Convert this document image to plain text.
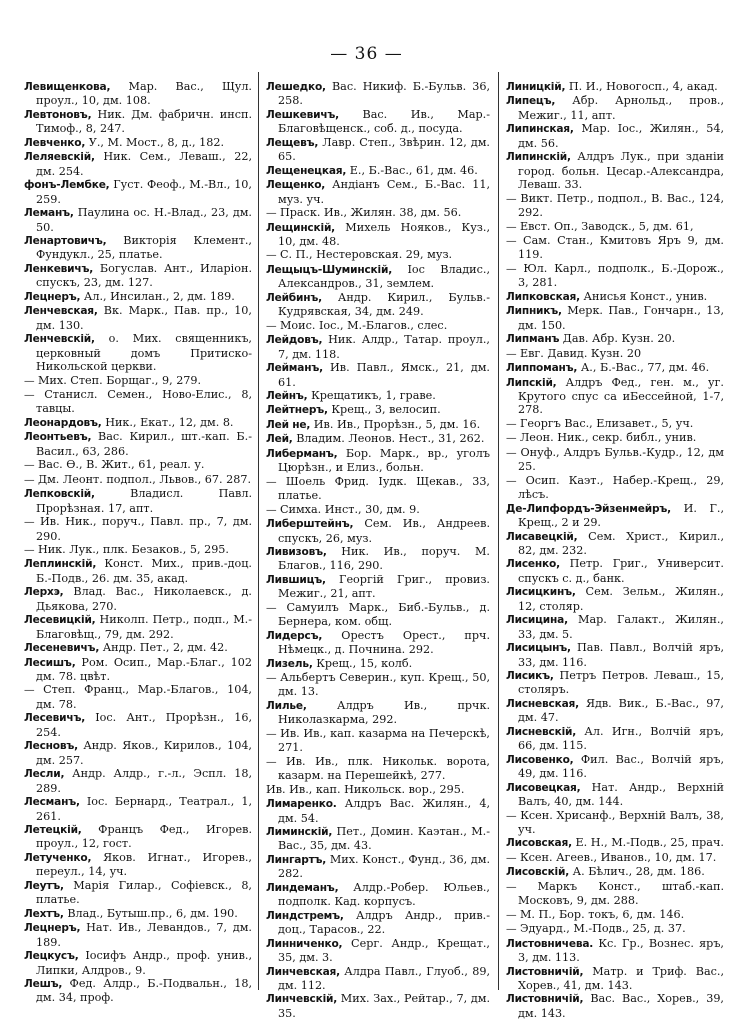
— 36 —
Левищенкова, Мар. Вас., Щул. проул., 10, дм. 108.
Левтоновъ, Ник. Дм. фабричн. инсп. Тимоф., 8, 247.
Левченко, У., М. Мост., 8, д., 182.
Леляевскій, Ник. Сем., Леваш., 22, дм. 254.
фонъ-Лембке, Густ. Феоф., М.-Вл., 10, 259.
Леманъ, Паулина ос. Н.-Влад., 23, дм. 50.
Ленартовичъ, Викторія Клемент., Фундукл., 25, платье.
Ленкевичъ, Богуслав. Ант., Иларіон. спускъ, 23, дм. 127.
Лецнеръ, Ал., Инсилан., 2, дм. 189.
Ленчевская, Вк. Марк., Пав. пр., 10, дм. 130.
Ленчевскій, о. Мих. священникъ, церковный домъ Притиско-Никольской церкви.
— Мих. Степ. Борщаг., 9, 279.
— Станисл. Семен., Ново-Елис., 8, тавцы.
Леонардовъ, Ник., Екат., 12, дм. 8.
Леонтьевъ, Вас. Кирил., шт.-кап. Б.-Васил., 63, 286.
— Вас. Ѳ., В. Жит., 61, реал. у.
— Дм. Леонт. подпол., Львов., 67. 287.
Лепковскій,	Владисл. Павл. Прорѣзная. 17, апт.
— Ив. Ник., поруч., Павл. пр., 7, дм. 290.
— Ник. Лук., плк. Безаков., 5, 295.
Леплинскій, Конст. Мих., прив.-доц. Б.-Подв., 26. дм. 35, акад.
Лерхэ, Влад. Вас., Николаевск., д. Дьякова, 270.
Лесевицкій, Николп. Петр., подп., М.-Благовѣщ., 79, дм. 292.
Лесеневичъ, Андр. Пет., 2, дм. 42.
Лесишъ, Ром. Осип., Мар.-Благ., 102 дм. 78. цвѣт.
— Степ. Франц., Мар.-Благов., 104, дм. 78.
Лесевичъ, Іос. Ант., Прорѣзн., 16, 254.
Лесновъ, Андр. Яков., Кирилов., 104, дм. 257.
Лесли, Андр. Алдр., г.-л., Эспл. 18, 289.
Лесманъ, Іос. Бернард., Театрал., 1, 261.
Летецкій, Францъ Фед., Игорев. проул., 12, гост.
Летученко, Яков. Игнат., Игорев., переул., 14, уч.
Леутъ, Марія Гилар., Софіевск., 8, платье.
Лехтъ, Влад., Бутыш.пр., 6, дм. 190.
Лецнеръ, Нат. Ив., Левандов., 7, дм. 189.
Лецкусъ, Іосифъ Андр., проф. унив., Липки, Алдров., 9.
Лешъ, Фед. Алдр., Б.-Подвальн., 18, дм. 34, проф.
Лешедко, Вас. Никиф. Б.-Бульв. 36, 258.
Лешкевичъ, Вас. Ив., Мар.-Благовѣщенск., соб. д., посуда.
Лещевъ, Лавр. Степ., Звѣрин. 12, дм. 65.
Лещенецкая, Е., Б.-Вас., 61, дм. 46.
Лещенко, Андіанъ Сем., Б.-Вас. 11, муз. уч.
— Праск. Ив., Жилян. 38, дм. 56.
Лещинскій, Михель Нояков., Куз., 10, дм. 48.
— С. П., Нестеровская. 29, муз.
Лещыцъ-Шуминскій, Іос Владис., Александров., 31, землем.
Лейбинъ, Андр. Кирил., Бульв.-Кудрявская, 34, дм. 249.
— Моис. Іос., М.-Благов., слес.
Лейдовъ, Ник. Алдр., Татар. проул., 7, дм. 118.
Лейманъ, Ив. Павл., Ямск., 21, дм. 61.
Лейнъ, Крещатикъ, 1, граве.
Лейтнеръ, Крещ., 3, велосип.
Лей не, Ив. Ив., Прорѣзн., 5, дм. 16.
Лей, Владим. Леонов. Нест., 31, 262.
Либерманъ, Бор. Марк., вр., уголъ Цюрѣзн., и Елиз., больн.
— Шоель Фрид. Іудк. Щекав., 33, платье.
— Симха. Инст., 30, дм. 9.
Либерштейнъ, Сем. Ив., Андреев. спускъ, 26, муз.
Ливизовъ, Ник. Ив., поруч. М. Благов., 116, 290.
Лившицъ, Георгій Григ., провиз. Межиг., 21, апт.
— Самуилъ Марк., Биб.-Бульв., д. Бернера, ком. общ.
Лидерсъ, Орестъ Орест., прч. Нѣмецк., д. Почнина. 292.
Лизель, Крещ., 15, колб.
— Альбертъ Северин., куп. Крещ., 50, дм. 13.
Лилье,	Алдръ Ив., прчк. Николазкарма, 292.
— Ив. Ив., кап. казарма на Печерскѣ, 271.
— Ив. Ив., плк. Никольк. ворота, казарм. на Перешейкѣ, 277.
Ив. Ив., кап. Никольск. вор., 295.
Лимаренко. Алдръ Вас. Жилян., 4, дм. 54.
Лиминскій, Пет., Домин. Каэтан., М.-Вас., 35, дм. 43.
Лингартъ, Мих. Конст., Фунд., 36, дм. 282.
Линдеманъ, Алдр.-Робер. Юльев., подполк. Кад. корпусъ.
Линдстремъ, Алдръ Андр., прив.-доц., Тарасов., 22.
Линниченко, Серг. Андр., Крещат., 35, дм. 3.
Линчевская, Алдра Павл., Глуоб., 89, дм. 112.
Линчевскій, Мих. Зах., Рейтар., 7, дм. 35.
Линицкій, П. И., Новогосп., 4, акад.
Липецъ, Абр. Арнольд., пров., Межиг., 11, апт.
Липинская, Мар. Іос., Жилян., 54, дм. 56.
Липинскій, Алдръ Лук., при зданіи город. больн. Цесар.-Александра, Леваш. 33.
— Викт. Петр., подпол., В. Вас., 124, 292.
— Евст. Оп., Заводск., 5, дм. 61,
— Сам. Стан., Кмитовъ Яръ 9, дм. 119.
— Юл. Карл., подполк., Б.-Дорож., 3, 281.
Липковская, Анисья Конст., унив.
Липникъ, Мерк. Пав., Гончарн., 13, дм. 150.
Липманъ Дав. Абр. Кузн. 20.
— Евг. Давид. Кузн. 20
Липпоманъ, А., Б.-Вас., 77, дм. 46.
Липскій, Алдръ Фед., ген. м., уг. Крутого спус са иБессейной, 1-7, 278.
— Георгъ Вас., Елизавет., 5, уч.
— Леон. Ник., секр. библ., унив.
— Онуф., Алдръ Бульв.-Кудр., 12, дм 25.
— Осип. Каэт., Набер.-Крещ., 29, лѣсъ.
Де-Липфордъ-Эйзенмейръ, И. Г., Крещ., 2 и 29.
Лисавецкій, Сем. Христ., Кирил., 82, дм. 232.
Лисенко, Петр. Григ., Университ. спускъ с. д., банк.
Лисицкинъ, Сем. Зельм., Жилян., 12, столяр.
Лисицина, Мар. Галакт., Жилян., 33, дм. 5.
Лисицынъ, Пав. Павл., Волчій яръ, 33, дм. 116.
Лисикъ, Петръ Петров. Леваш., 15, столяръ.
Лисневская, Ядв. Вик., Б.-Вас., 97, дм. 47.
Лисневскій, Ал. Игн., Волчій яръ, 66, дм. 115.
Лисовенко, Фил. Вас., Волчій яръ, 49, дм. 116.
Лисовецкая, Нат. Андр., Верхній Валъ, 40, дм. 144.
— Ксен. Хрисанф., Верхній Валъ, 38, уч.
Лисовская, Е. Н., М.-Подв., 25, прач.
— Ксен. Агеев., Иванов., 10, дм. 17.
Лисовскій, А. Бѣлич., 28, дм. 186.
— Маркъ Конст., штаб.-кап. Московъ, 9, дм. 288.
— М. П., Бор. токъ, 6, дм. 146.
— Эдуард., М.-Подв., 25, д. 37.
Листовничева. Кс. Гр., Вознес. яръ, 3, дм. 113.
Листовничій, Матр. и Триф. Вас., Хорев., 41, дм. 143.
Листовничій, Вас. Вас., Хорев., 39, дм. 143.
